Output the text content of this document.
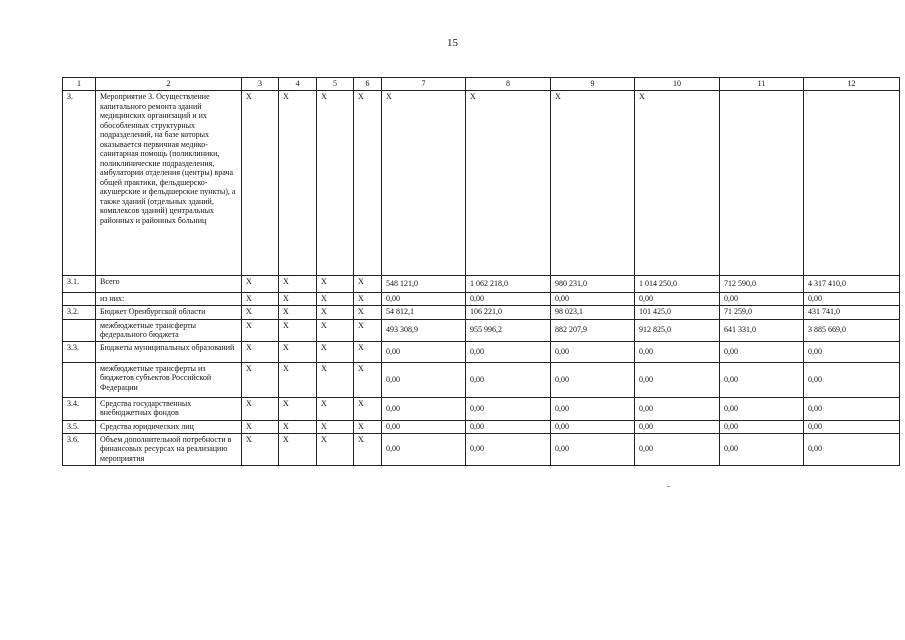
15
1	2	3	4	5	6	7	8	9	10	11	12
3.	Мероприятие 3. Осуществление капитального ремонта зданий медицинских организаций и их обособленных структурных подразделений, на базе которых оказывается первичная медико-санитарная помощь (поликлиники, поликлинические подразделения, амбулатории отделения (центры) врача общей практики, фельдшерско-акушерские и фельдшерские пункты), а также зданий (отдельных зданий, комплексов зданий) центральных районных и районных больниц	X	X	X	X	X	X	X	X		
3.1.	Всего	X	X	X	X	548 121,0	1 062 218,0	980 231,0	1 014 250,0	712 590,0	4 317 410,0
	из них:	X	X	X	X	0,00	0,00	0,00	0,00	0,00	0,00
3.2.	Бюджет Оренбургской области	X	X	X	X	54 812,1	106 221,0	98 023,1	101 425,0	71 259,0	431 741,0
	межбюджетные трансферты федерального бюджета	X	X	X	X	493 308,9	955 996,2	882 207,9	912 825,0	641 331,0	3 885 669,0
3.3.	Бюджеты муниципальных образований	X	X	X	X	0,00	0,00	0,00	0,00	0,00	0,00
	межбюджетные трансферты из бюджетов субъектов Российской Федерации	X	X	X	X	0,00	0,00	0,00	0,00	0,00	0,00
3.4.	Средства государственных внебюджетных фондов	X	X	X	X	0,00	0,00	0,00	0,00	0,00	0,00
3.5.	Средства юридических лиц	X	X	X	X	0,00	0,00	0,00	0,00	0,00	0,00
3.6.	Объем дополнительной потребности в финансовых ресурсах на реализацию мероприятия	X	X	X	X	0,00	0,00	0,00	0,00	0,00	0,00
